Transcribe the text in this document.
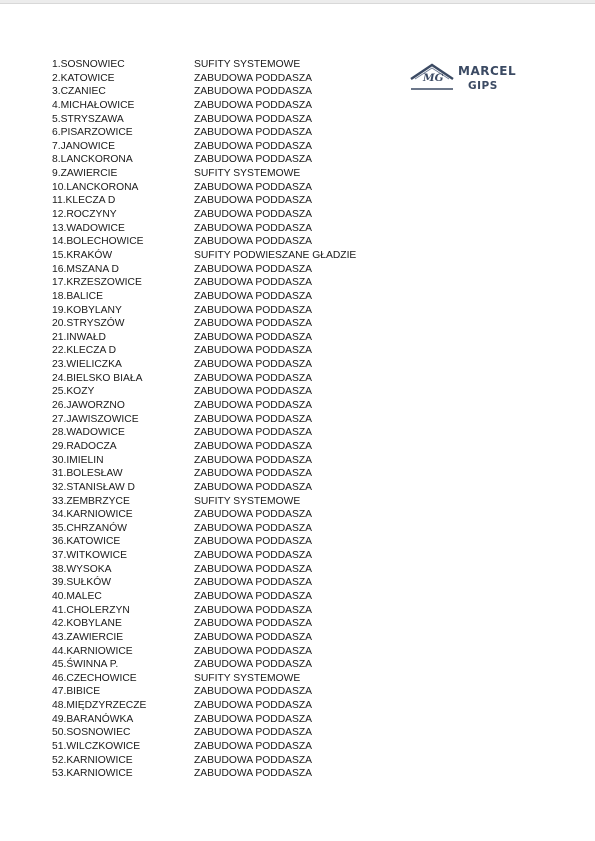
1.SOSNOWIEC	SUFITY SYSTEMOWE
2.KATOWICE	ZABUDOWA PODDASZA
3.CZANIEC	ZABUDOWA PODDASZA
4.MICHAŁOWICE	ZABUDOWA PODDASZA
5.STRYSZAWA	ZABUDOWA PODDASZA
6.PISARZOWICE	ZABUDOWA PODDASZA
7.JANOWICE	ZABUDOWA PODDASZA
8.LANCKORONA	ZABUDOWA PODDASZA
9.ZAWIERCIE	SUFITY SYSTEMOWE
10.LANCKORONA	ZABUDOWA PODDASZA
11.KLECZA D	ZABUDOWA PODDASZA
12.ROCZYNY	ZABUDOWA PODDASZA
13.WADOWICE	ZABUDOWA PODDASZA
14.BOLECHOWICE	ZABUDOWA PODDASZA
15.KRAKÓW	SUFITY PODWIESZANE GŁADZIE
16.MSZANA D	ZABUDOWA PODDASZA
17.KRZESZOWICE	ZABUDOWA PODDASZA
18.BALICE	ZABUDOWA PODDASZA
19.KOBYLANY	ZABUDOWA PODDASZA
20.STRYSZÓW	ZABUDOWA PODDASZA
21.INWAŁD	ZABUDOWA PODDASZA
22.KLECZA D	ZABUDOWA PODDASZA
23.WIELICZKA	ZABUDOWA PODDASZA
24.BIELSKO BIAŁA	ZABUDOWA PODDASZA
25.KOZY	ZABUDOWA PODDASZA
26.JAWORZNO	ZABUDOWA PODDASZA
27.JAWISZOWICE	ZABUDOWA PODDASZA
28.WADOWICE	ZABUDOWA PODDASZA
29.RADOCZA	ZABUDOWA PODDASZA
30.IMIELIN	ZABUDOWA PODDASZA
31.BOLESŁAW	ZABUDOWA PODDASZA
32.STANISŁAW D	ZABUDOWA PODDASZA
33.ZEMBRZYCE	SUFITY SYSTEMOWE
34.KARNIOWICE	ZABUDOWA PODDASZA
35.CHRZANÓW	ZABUDOWA PODDASZA
36.KATOWICE	ZABUDOWA PODDASZA
37.WITKOWICE	ZABUDOWA PODDASZA
38.WYSOKA	ZABUDOWA PODDASZA
39.SUŁKÓW	ZABUDOWA PODDASZA
40.MALEC	ZABUDOWA PODDASZA
41.CHOLERZYN	ZABUDOWA PODDASZA
42.KOBYLANE	ZABUDOWA PODDASZA
43.ZAWIERCIE	ZABUDOWA PODDASZA
44.KARNIOWICE	ZABUDOWA PODDASZA
45.ŚWINNA P.	ZABUDOWA PODDASZA
46.CZECHOWICE	SUFITY SYSTEMOWE
47.BIBICE	ZABUDOWA PODDASZA
48.MIĘDZYRZECZE	ZABUDOWA PODDASZA
49.BARANÓWKA	ZABUDOWA PODDASZA
50.SOSNOWIEC	ZABUDOWA PODDASZA
51.WILCZKOWICE	ZABUDOWA PODDASZA
52.KARNIOWICE	ZABUDOWA PODDASZA
53.KARNIOWICE	ZABUDOWA PODDASZA
MG MARCEL
GIPS
